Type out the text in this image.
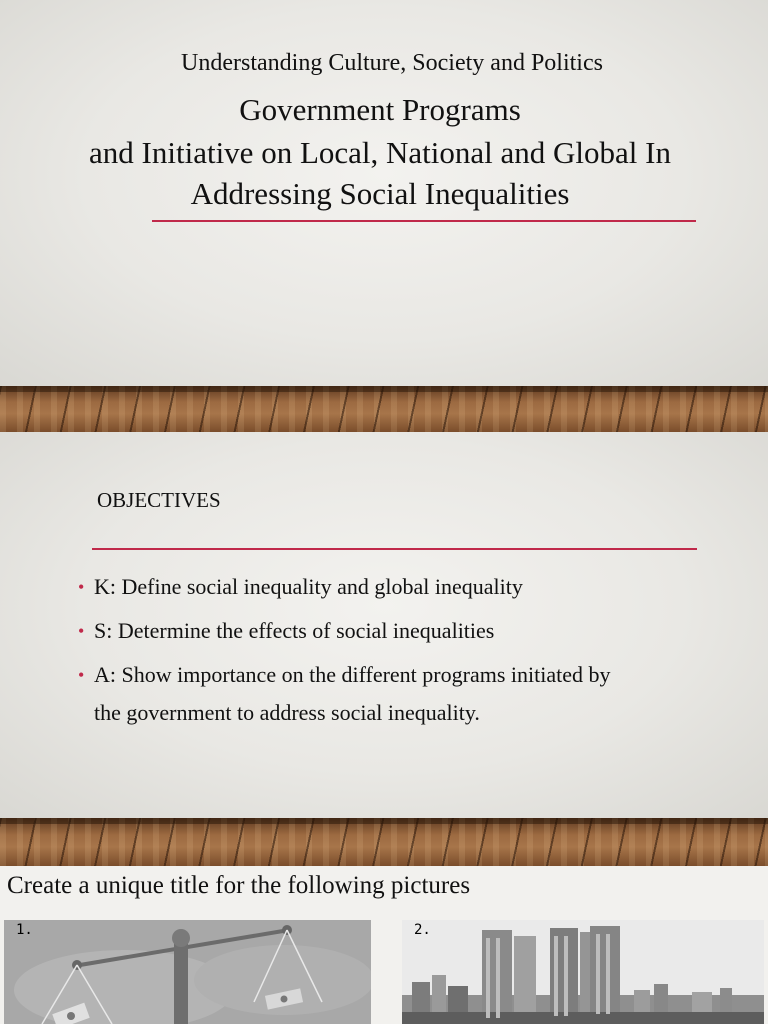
Understanding Culture, Society and Politics
Government Programs
and Initiative on Local, National and Global In
Addressing Social Inequalities
OBJECTIVES
• K: Define social inequality and global inequality
• S: Determine the effects of social inequalities
• A: Show importance on the different programs initiated by
the government to address social inequality.
Create a unique title for the following pictures
1.	2.
